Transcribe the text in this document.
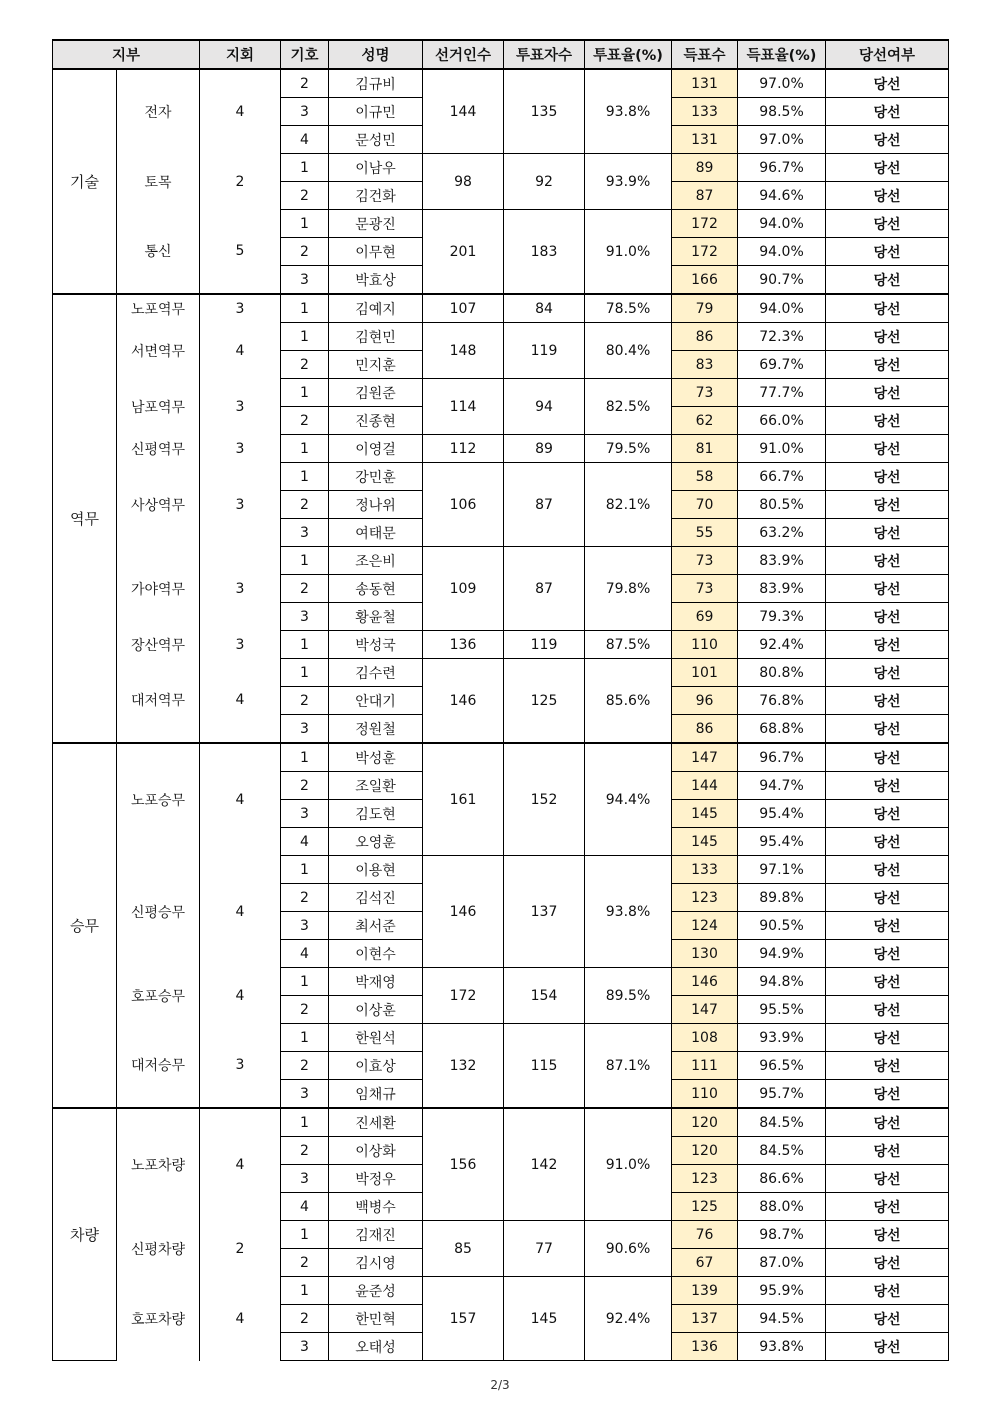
지부		지회	기호	성명	선거인수	투표자수	투표율(%)	득표수	득표율(%)	당선여부
기술	전자	4	2	김규비	144	135	93.8%	131	97.0%	당선
			3	이규민				133	98.5%	당선
			4	문성민				131	97.0%	당선
	토목	2	1	이남우	98	92	93.9%	89	96.7%	당선
			2	김건화				87	94.6%	당선
	통신	5	1	문광진	201	183	91.0%	172	94.0%	당선
			2	이무현				172	94.0%	당선
			3	박효상				166	90.7%	당선
역무	노포역무	3	1	김예지	107	84	78.5%	79	94.0%	당선
	서면역무	4	1	김현민	148	119	80.4%	86	72.3%	당선
			2	민지훈				83	69.7%	당선
	남포역무	3	1	김원준	114	94	82.5%	73	77.7%	당선
			2	진종현				62	66.0%	당선
	신평역무	3	1	이영걸	112	89	79.5%	81	91.0%	당선
	사상역무	3	1	강민훈	106	87	82.1%	58	66.7%	당선
			2	정나위				70	80.5%	당선
			3	여태문				55	63.2%	당선
	가야역무	3	1	조은비	109	87	79.8%	73	83.9%	당선
			2	송동현				73	83.9%	당선
			3	황윤철				69	79.3%	당선
	장산역무	3	1	박성국	136	119	87.5%	110	92.4%	당선
	대저역무	4	1	김수련	146	125	85.6%	101	80.8%	당선
			2	안대기				96	76.8%	당선
			3	정원철				86	68.8%	당선
승무	노포승무	4	1	박성훈	161	152	94.4%	147	96.7%	당선
			2	조일환				144	94.7%	당선
			3	김도현				145	95.4%	당선
			4	오영훈				145	95.4%	당선
	신평승무	4	1	이용현	146	137	93.8%	133	97.1%	당선
			2	김석진				123	89.8%	당선
			3	최서준				124	90.5%	당선
			4	이현수				130	94.9%	당선
	호포승무	4	1	박재영	172	154	89.5%	146	94.8%	당선
			2	이상훈				147	95.5%	당선
	대저승무	3	1	한원석	132	115	87.1%	108	93.9%	당선
			2	이효상				111	96.5%	당선
			3	임채규				110	95.7%	당선
차량	노포차량	4	1	진세환	156	142	91.0%	120	84.5%	당선
			2	이상화				120	84.5%	당선
			3	박정우				123	86.6%	당선
			4	백병수				125	88.0%	당선
	신평차량	2	1	김재진	85	77	90.6%	76	98.7%	당선
			2	김시영				67	87.0%	당선
	호포차량	4	1	윤준성	157	145	92.4%	139	95.9%	당선
			2	한민혁				137	94.5%	당선
			3	오태성				136	93.8%	당선
2/3
